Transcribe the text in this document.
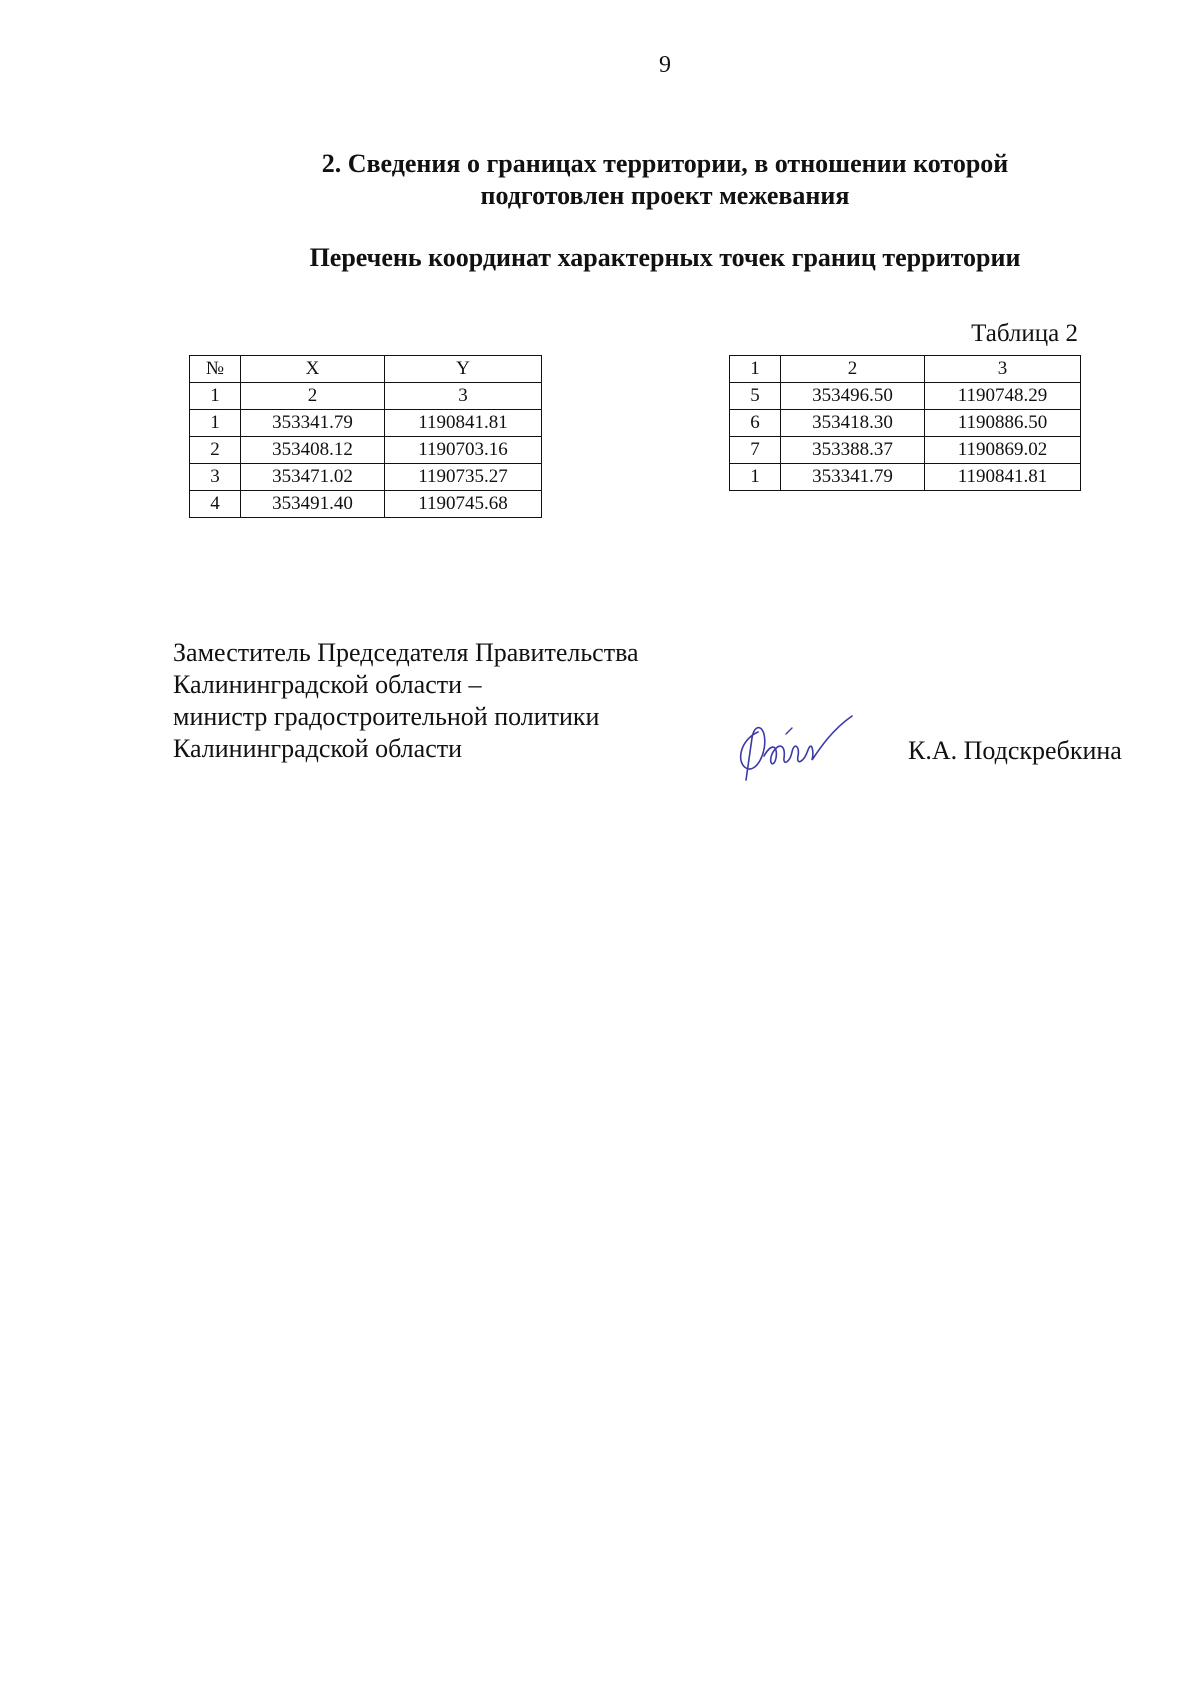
9
2. Сведения о границах территории, в отношении которой
подготовлен проект межевания
Перечень координат характерных точек границ территории
Таблица 2
№	X	Y
1	2	3
1	353341.79	1190841.81
2	353408.12	1190703.16
3	353471.02	1190735.27
4	353491.40	1190745.68
1	2	3
5	353496.50	1190748.29
6	353418.30	1190886.50
7	353388.37	1190869.02
1	353341.79	1190841.81
Заместитель Председателя Правительства
Калининградской области –
министр градостроительной политики
Калининградской области	К.А. Подскребкина
